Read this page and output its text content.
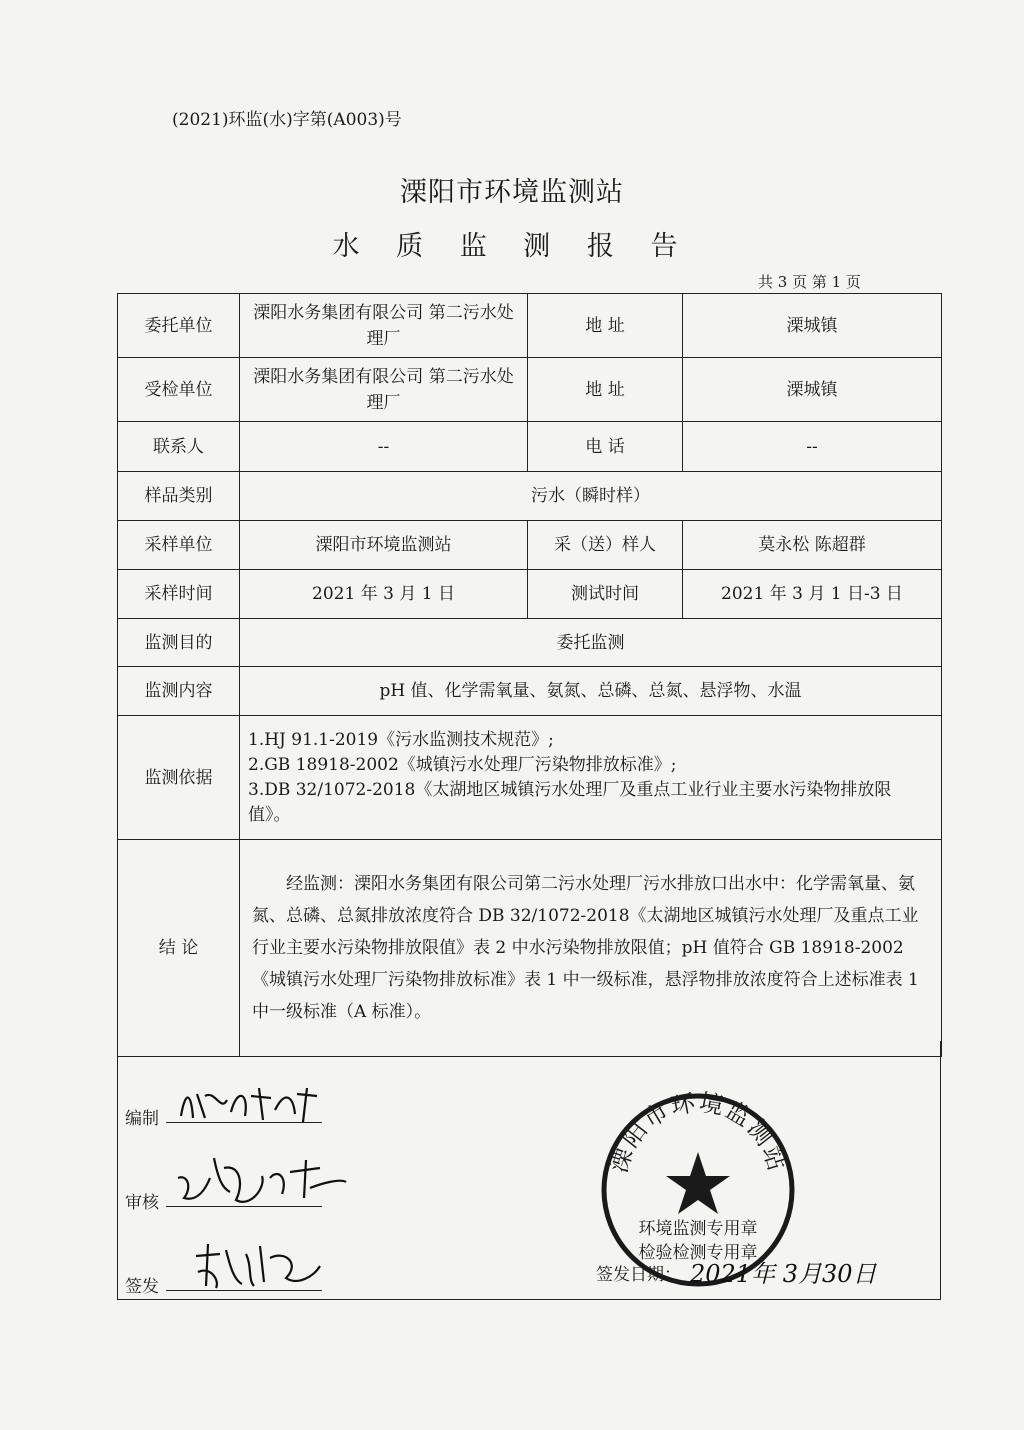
(2021)环监(水)字第(A003)号
溧阳市环境监测站
水 质 监 测 报 告
共 3 页 第 1 页
委托单位	溧阳水务集团有限公司 第二污水处理厂	地 址	溧城镇
受检单位	溧阳水务集团有限公司 第二污水处理厂	地 址	溧城镇
联系人	--	电 话	--
样品类别	污水（瞬时样）		
采样单位	溧阳市环境监测站	采（送）样人	莫永松 陈超群
采样时间	2021 年 3 月 1 日	测试时间	2021 年 3 月 1 日-3 日
监测目的	委托监测		
监测内容	pH 值、化学需氧量、氨氮、总磷、总氮、悬浮物、水温		
监测依据	1.HJ 91.1-2019《污水监测技术规范》;
2.GB 18918-2002《城镇污水处理厂污染物排放标准》;
3.DB 32/1072-2018《太湖地区城镇污水处理厂及重点工业行业主要水污染物排放限值》。		

结 论	经监测：溧阳水务集团有限公司第二污水处理厂污水排放口出水中：化学需氧量、氨氮、总磷、总氮排放浓度符合 DB 32/1072-2018《太湖地区城镇污水处理厂及重点工业行业主要水污染物排放限值》表 2 中水污染物排放限值；pH 值符合 GB 18918-2002《城镇污水处理厂污染物排放标准》表 1 中一级标准，悬浮物排放浓度符合上述标准表 1 中一级标准（A 标准）。		
编制
审核
签发
溧阳市环境监测站
环境监测专用章
检验检测专用章
签发日期： 2021年 3月30日
